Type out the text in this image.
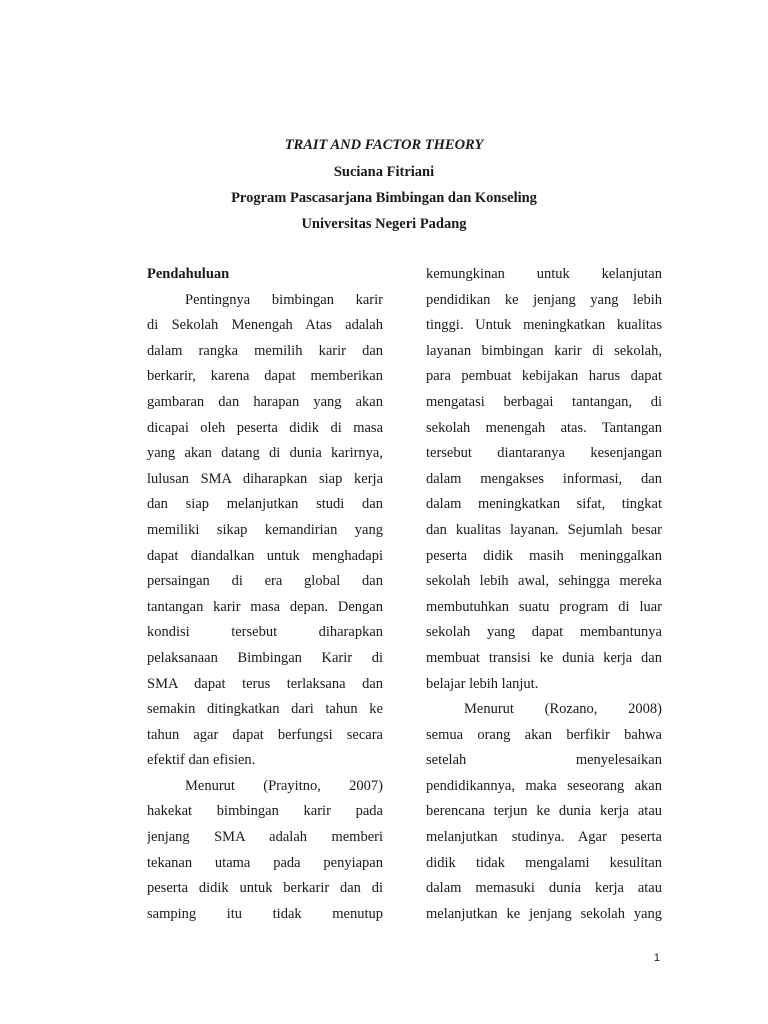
TRAIT AND FACTOR THEORY
Suciana Fitriani
Program Pascasarjana Bimbingan dan Konseling
Universitas Negeri Padang
Pendahuluan
Pentingnya bimbingan karir
di Sekolah Menengah Atas adalah
dalam rangka memilih karir dan
berkarir, karena dapat memberikan
gambaran dan harapan yang akan
dicapai oleh peserta didik di masa
yang akan datang di dunia karirnya,
lulusan SMA diharapkan siap kerja
dan siap melanjutkan studi dan
memiliki sikap kemandirian yang
dapat diandalkan untuk menghadapi
persaingan di era global dan
tantangan karir masa depan. Dengan
kondisi tersebut diharapkan
pelaksanaan Bimbingan Karir di
SMA dapat terus terlaksana dan
semakin ditingkatkan dari tahun ke
tahun agar dapat berfungsi secara
efektif dan efisien.
Menurut (Prayitno, 2007)
hakekat bimbingan karir pada
jenjang SMA adalah memberi
tekanan utama pada penyiapan
peserta didik untuk berkarir dan di
samping itu tidak menutup
kemungkinan untuk kelanjutan
pendidikan ke jenjang yang lebih
tinggi. Untuk meningkatkan kualitas
layanan bimbingan karir di sekolah,
para pembuat kebijakan harus dapat
mengatasi berbagai tantangan, di
sekolah menengah atas. Tantangan
tersebut diantaranya kesenjangan
dalam mengakses informasi, dan
dalam meningkatkan sifat, tingkat
dan kualitas layanan. Sejumlah besar
peserta didik masih meninggalkan
sekolah lebih awal, sehingga mereka
membutuhkan suatu program di luar
sekolah yang dapat membantunya
membuat transisi ke dunia kerja dan
belajar lebih lanjut.
Menurut (Rozano, 2008)
semua orang akan berfikir bahwa
setelah menyelesaikan
pendidikannya, maka seseorang akan
berencana terjun ke dunia kerja atau
melanjutkan studinya. Agar peserta
didik tidak mengalami kesulitan
dalam memasuki dunia kerja atau
melanjutkan ke jenjang sekolah yang
1
